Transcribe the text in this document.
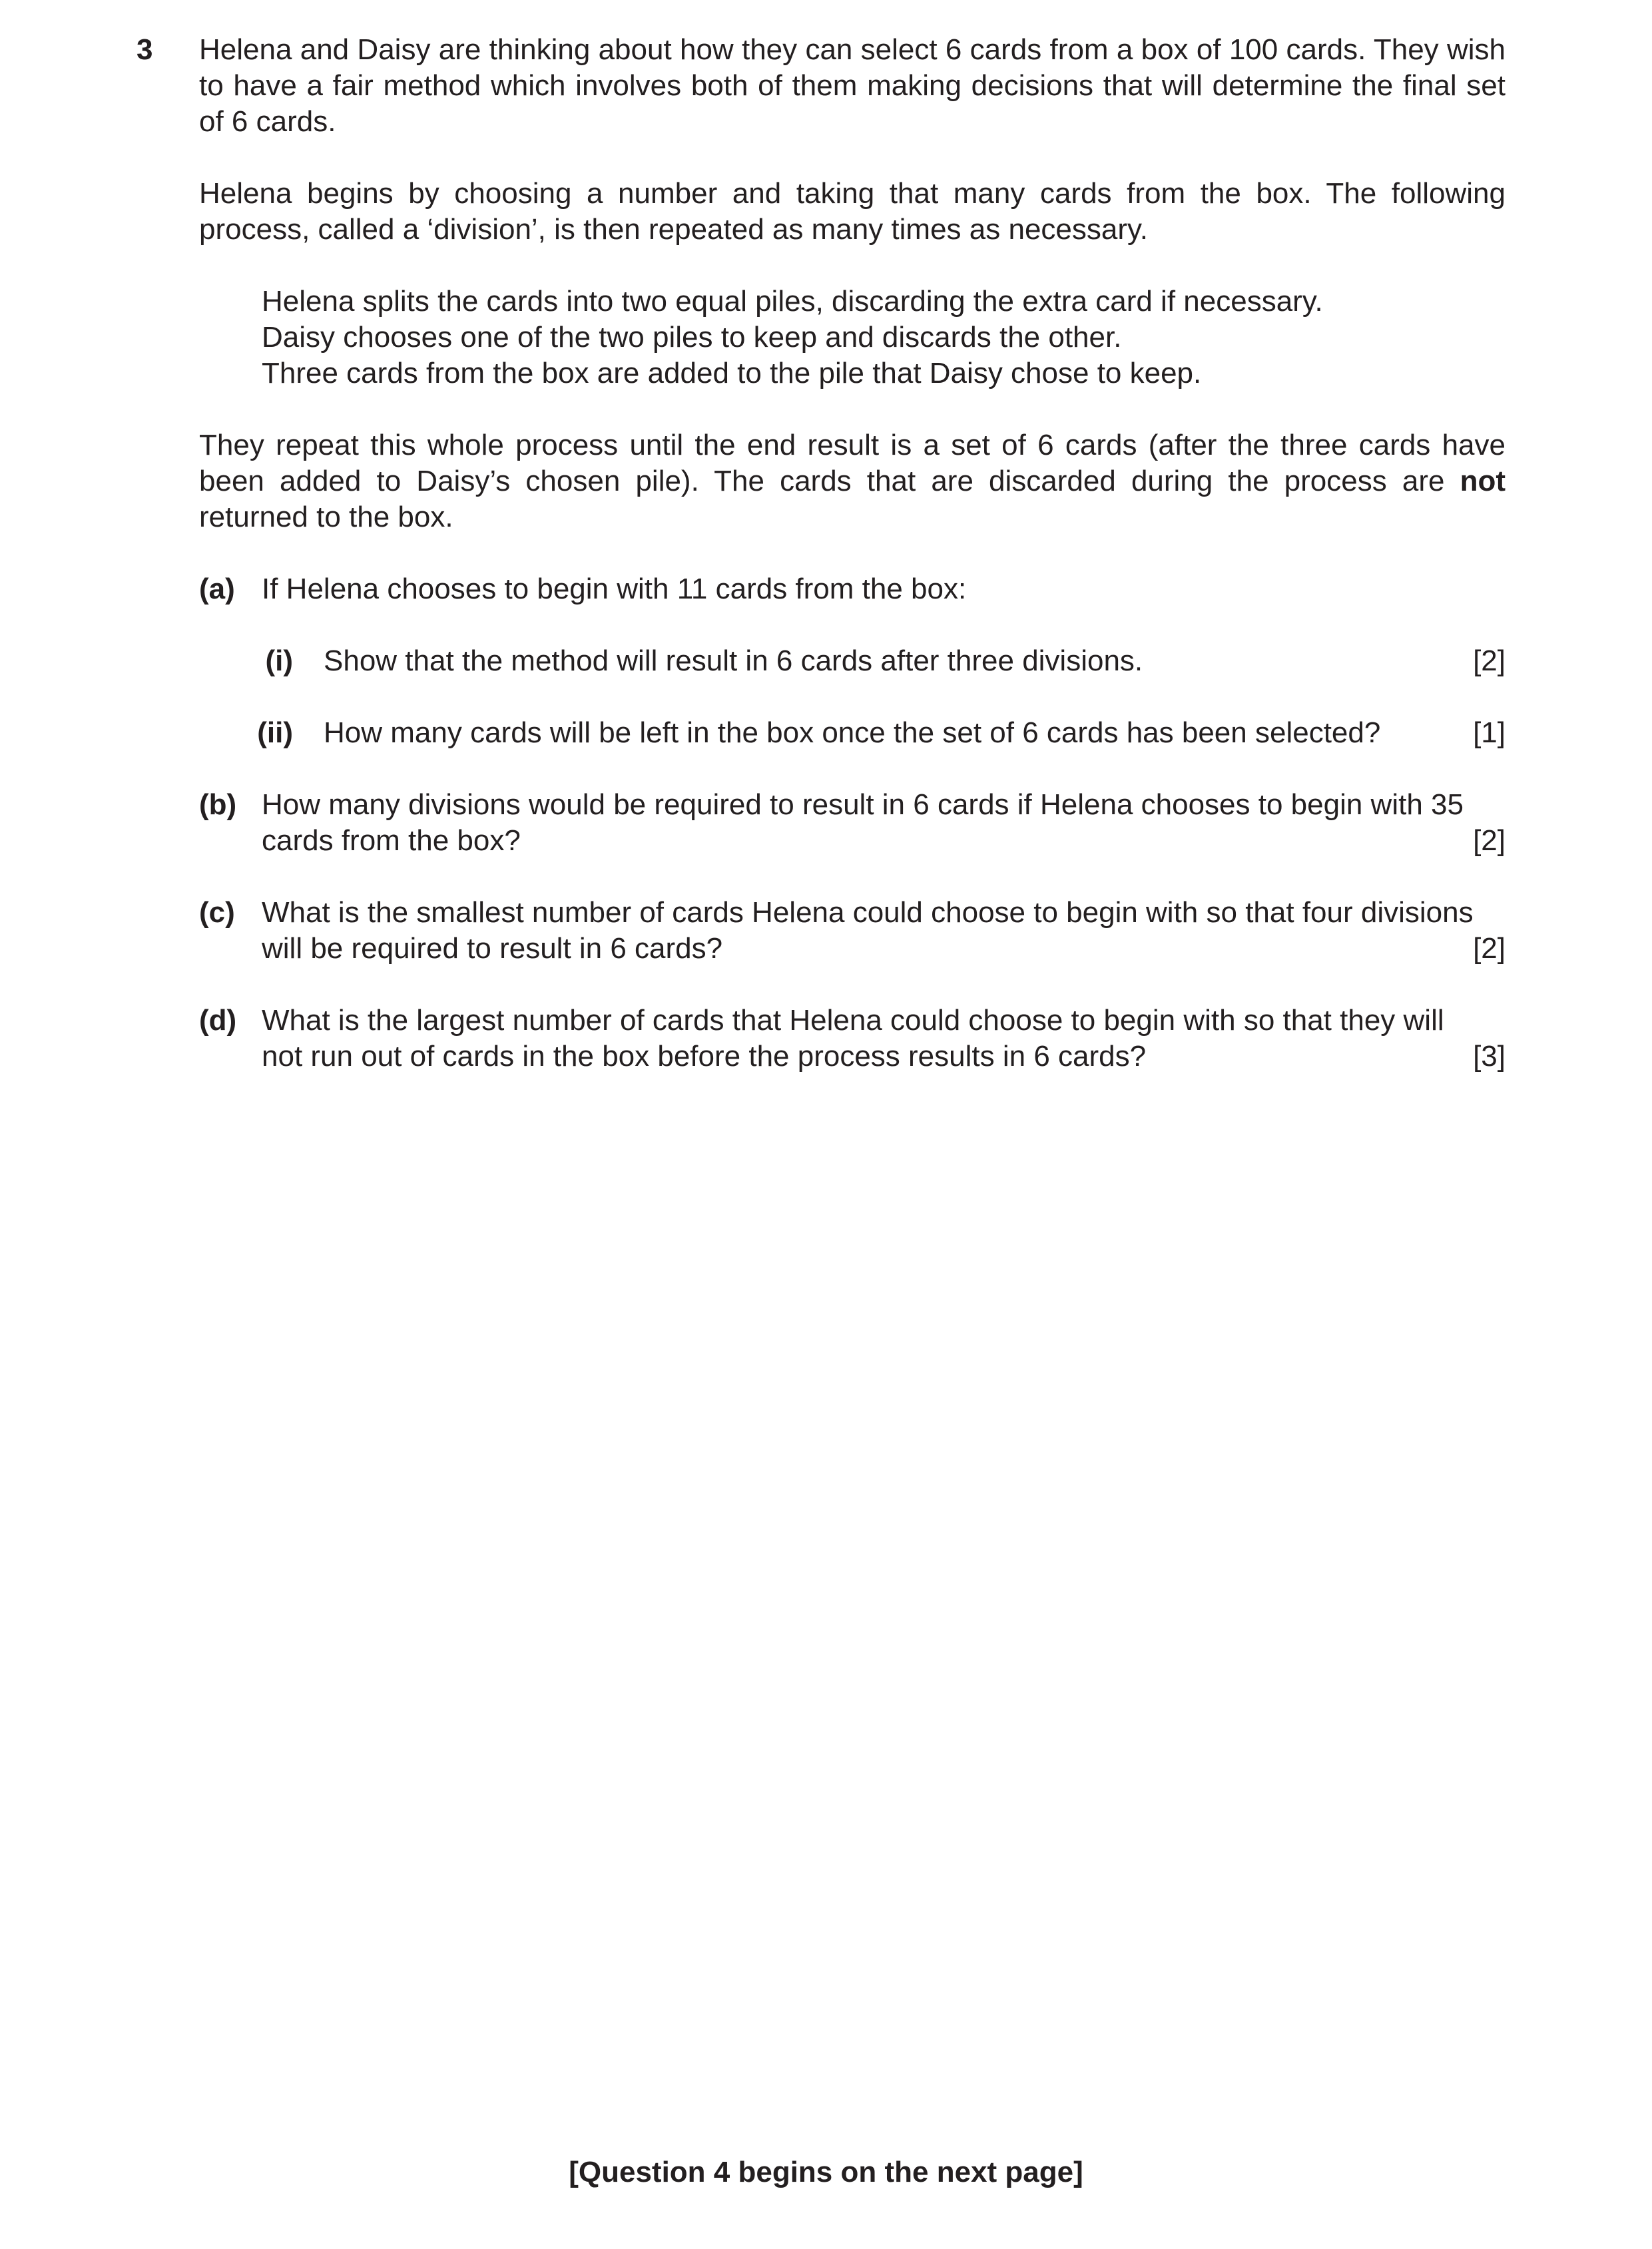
3 Helena and Daisy are thinking about how they can select 6 cards from a box of 100 cards. They wish to have a fair method which involves both of them making decisions that will determine the final set of 6 cards.

Helena begins by choosing a number and taking that many cards from the box. The following process, called a ‘division’, is then repeated as many times as necessary.

Helena splits the cards into two equal piles, discarding the extra card if necessary.
Daisy chooses one of the two piles to keep and discards the other.
Three cards from the box are added to the pile that Daisy chose to keep.

They repeat this whole process until the end result is a set of 6 cards (after the three cards have been added to Daisy’s chosen pile). The cards that are discarded during the process are not returned to the box.

(a) If Helena chooses to begin with 11 cards from the box:
(i) Show that the method will result in 6 cards after three divisions.	[2]
(ii) How many cards will be left in the box once the set of 6 cards has been selected?	[1]
(b) How many divisions would be required to result in 6 cards if Helena chooses to begin with 35
cards from the box?	[2]
(c) What is the smallest number of cards Helena could choose to begin with so that four divisions
will be required to result in 6 cards?	[2]
(d) What is the largest number of cards that Helena could choose to begin with so that they will
not run out of cards in the box before the process results in 6 cards?	[3]

[Question 4 begins on the next page]
